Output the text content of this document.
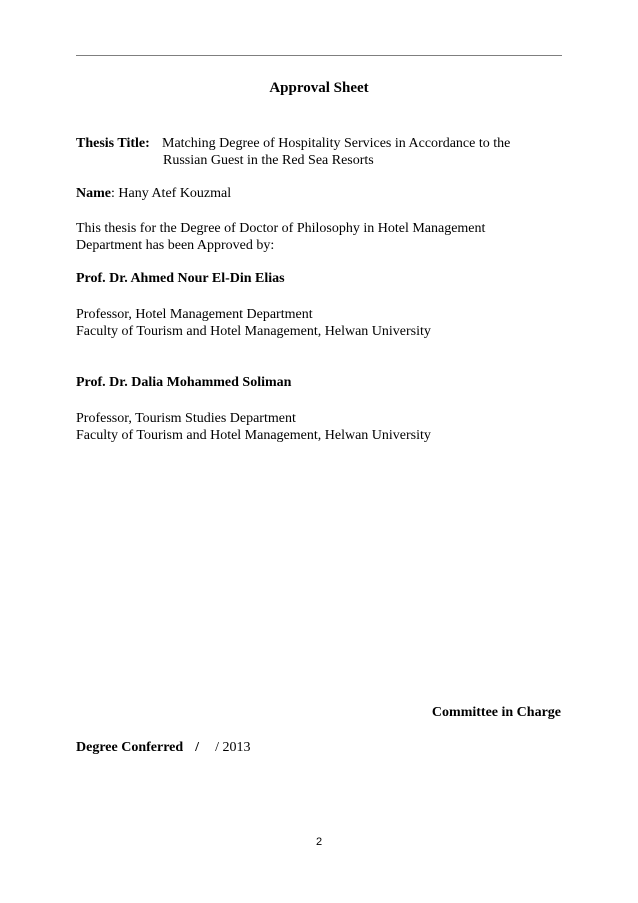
Approval Sheet
Thesis Title: Matching Degree of Hospitality Services in Accordance to the
Russian Guest in the Red Sea Resorts
Name: Hany Atef Kouzmal
This thesis for the Degree of Doctor of Philosophy in Hotel Management
Department has been Approved by:
Prof. Dr. Ahmed Nour El-Din Elias
Professor, Hotel Management Department
Faculty of Tourism and Hotel Management, Helwan University
Prof. Dr. Dalia Mohammed Soliman
Professor, Tourism Studies Department
Faculty of Tourism and Hotel Management, Helwan University
Committee in Charge
Degree Conferred / / 2013
2
